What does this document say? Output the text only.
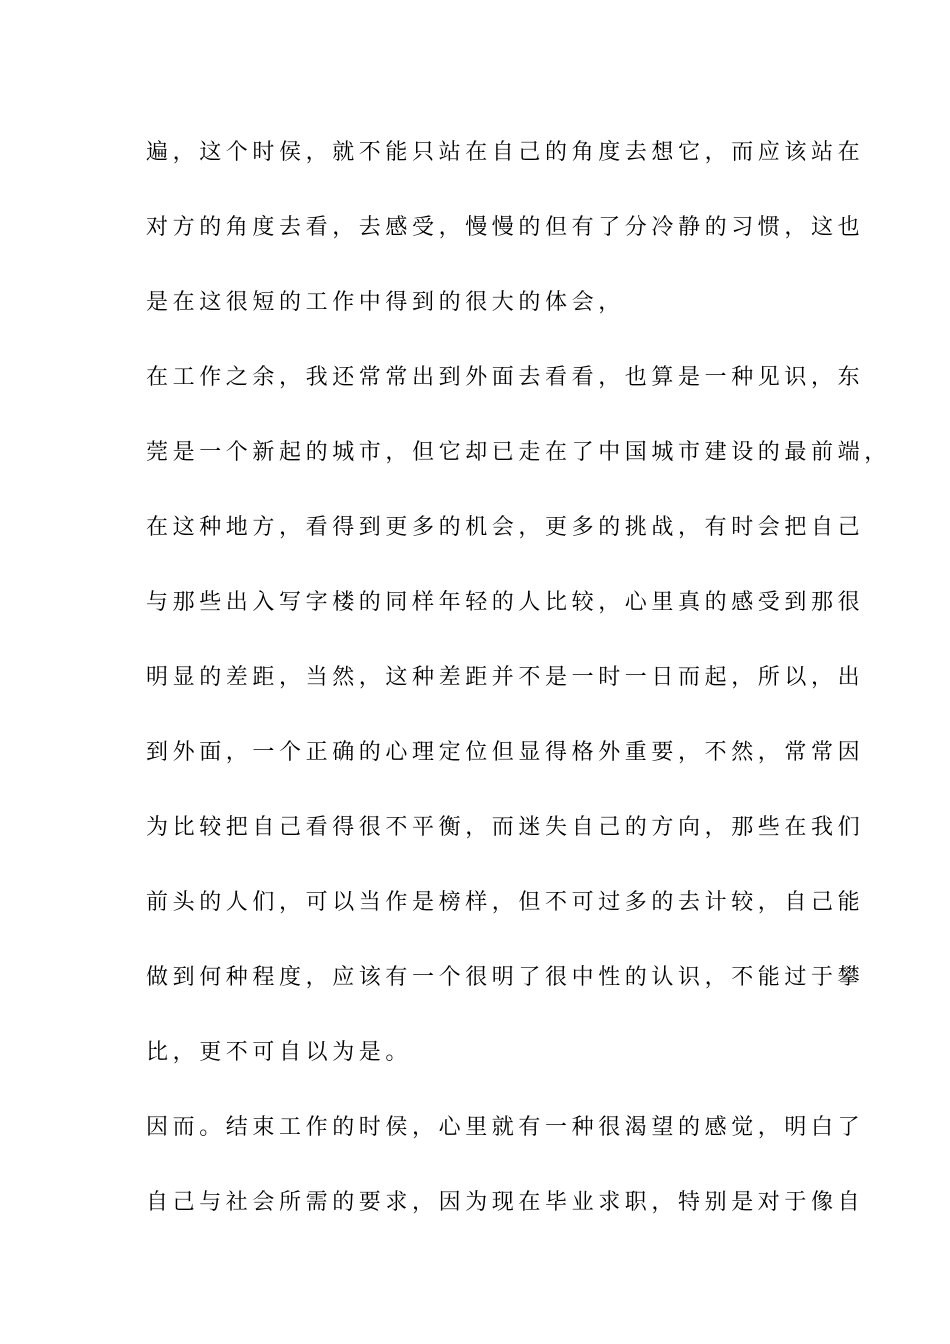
遍，这个时侯，就不能只站在自己的角度去想它，而应该站在
对方的角度去看，去感受，慢慢的但有了分冷静的习惯，这也
是在这很短的工作中得到的很大的体会，
在工作之余，我还常常出到外面去看看，也算是一种见识，东
莞是一个新起的城市，但它却已走在了中国城市建设的最前端，
在这种地方，看得到更多的机会，更多的挑战，有时会把自己
与那些出入写字楼的同样年轻的人比较，心里真的感受到那很
明显的差距，当然，这种差距并不是一时一日而起，所以，出
到外面，一个正确的心理定位但显得格外重要，不然，常常因
为比较把自己看得很不平衡，而迷失自己的方向，那些在我们
前头的人们，可以当作是榜样，但不可过多的去计较，自己能
做到何种程度，应该有一个很明了很中性的认识，不能过于攀
比，更不可自以为是。
因而。结束工作的时侯，心里就有一种很渴望的感觉，明白了
自己与社会所需的要求，因为现在毕业求职，特别是对于像自
